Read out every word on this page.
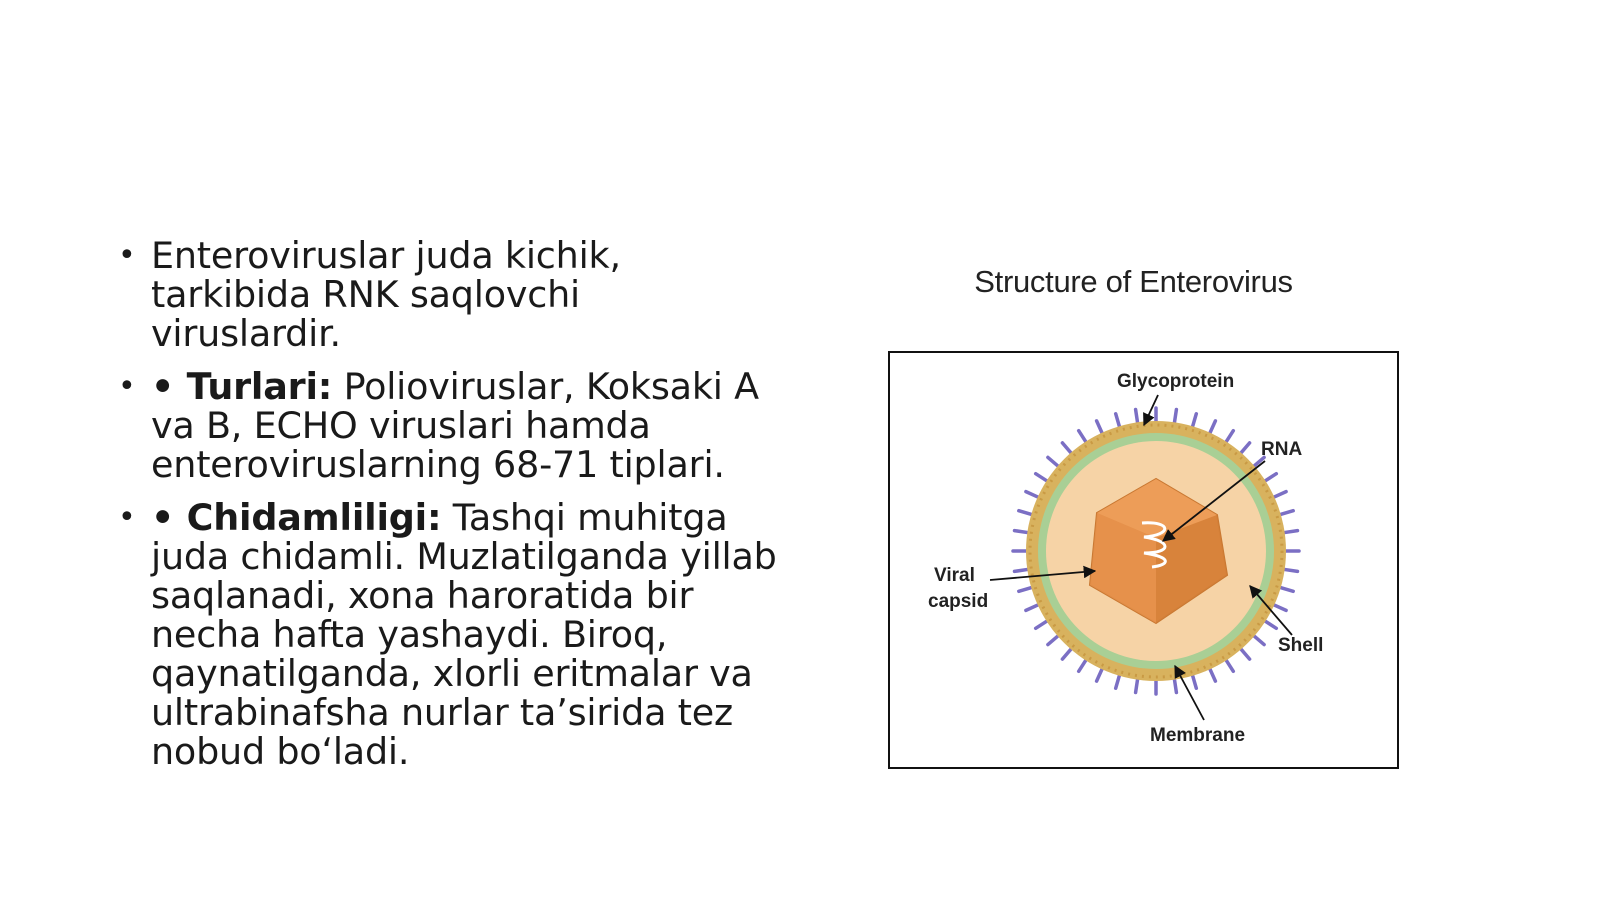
• Enteroviruslar juda kichik, tarkibida RNK saqlovchi viruslardir.
• • Turlari: Polioviruslar, Koksaki A va B, ECHO viruslari hamda enteroviruslarning 68-71 tiplari.
• • Chidamliligi: Tashqi muhitga juda chidamli. Muzlatilganda yillab saqlanadi, xona haroratida bir necha hafta yashaydi. Biroq, qaynatilganda, xlorli eritmalar va ultrabinafsha nurlar ta’sirida tez nobud bo‘ladi.
Structure of Enterovirus
Glycoprotein
RNA
Viral
capsid
Shell
Membrane
